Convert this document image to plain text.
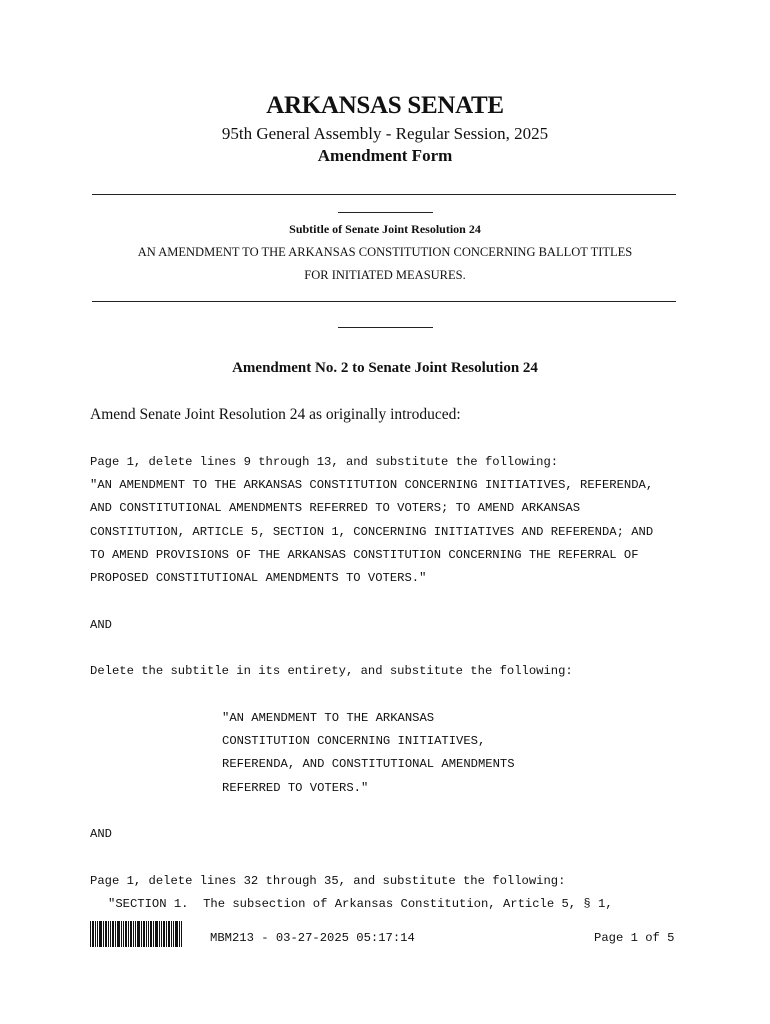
ARKANSAS SENATE
95th General Assembly - Regular Session, 2025
Amendment Form
Subtitle of Senate Joint Resolution 24
AN AMENDMENT TO THE ARKANSAS CONSTITUTION CONCERNING BALLOT TITLES
FOR INITIATED MEASURES.
Amendment No. 2 to Senate Joint Resolution 24
Amend Senate Joint Resolution 24 as originally introduced:
Page 1, delete lines 9 through 13, and substitute the following:
"AN AMENDMENT TO THE ARKANSAS CONSTITUTION CONCERNING INITIATIVES, REFERENDA,
AND CONSTITUTIONAL AMENDMENTS REFERRED TO VOTERS; TO AMEND ARKANSAS
CONSTITUTION, ARTICLE 5, SECTION 1, CONCERNING INITIATIVES AND REFERENDA; AND
TO AMEND PROVISIONS OF THE ARKANSAS CONSTITUTION CONCERNING THE REFERRAL OF
PROPOSED CONSTITUTIONAL AMENDMENTS TO VOTERS."
AND
Delete the subtitle in its entirety, and substitute the following:
"AN AMENDMENT TO THE ARKANSAS
CONSTITUTION CONCERNING INITIATIVES,
REFERENDA, AND CONSTITUTIONAL AMENDMENTS
REFERRED TO VOTERS."
AND
Page 1, delete lines 32 through 35, and substitute the following:
"SECTION 1.  The subsection of Arkansas Constitution, Article 5, § 1,
MBM213 - 03-27-2025 05:17:14	Page 1 of 5
